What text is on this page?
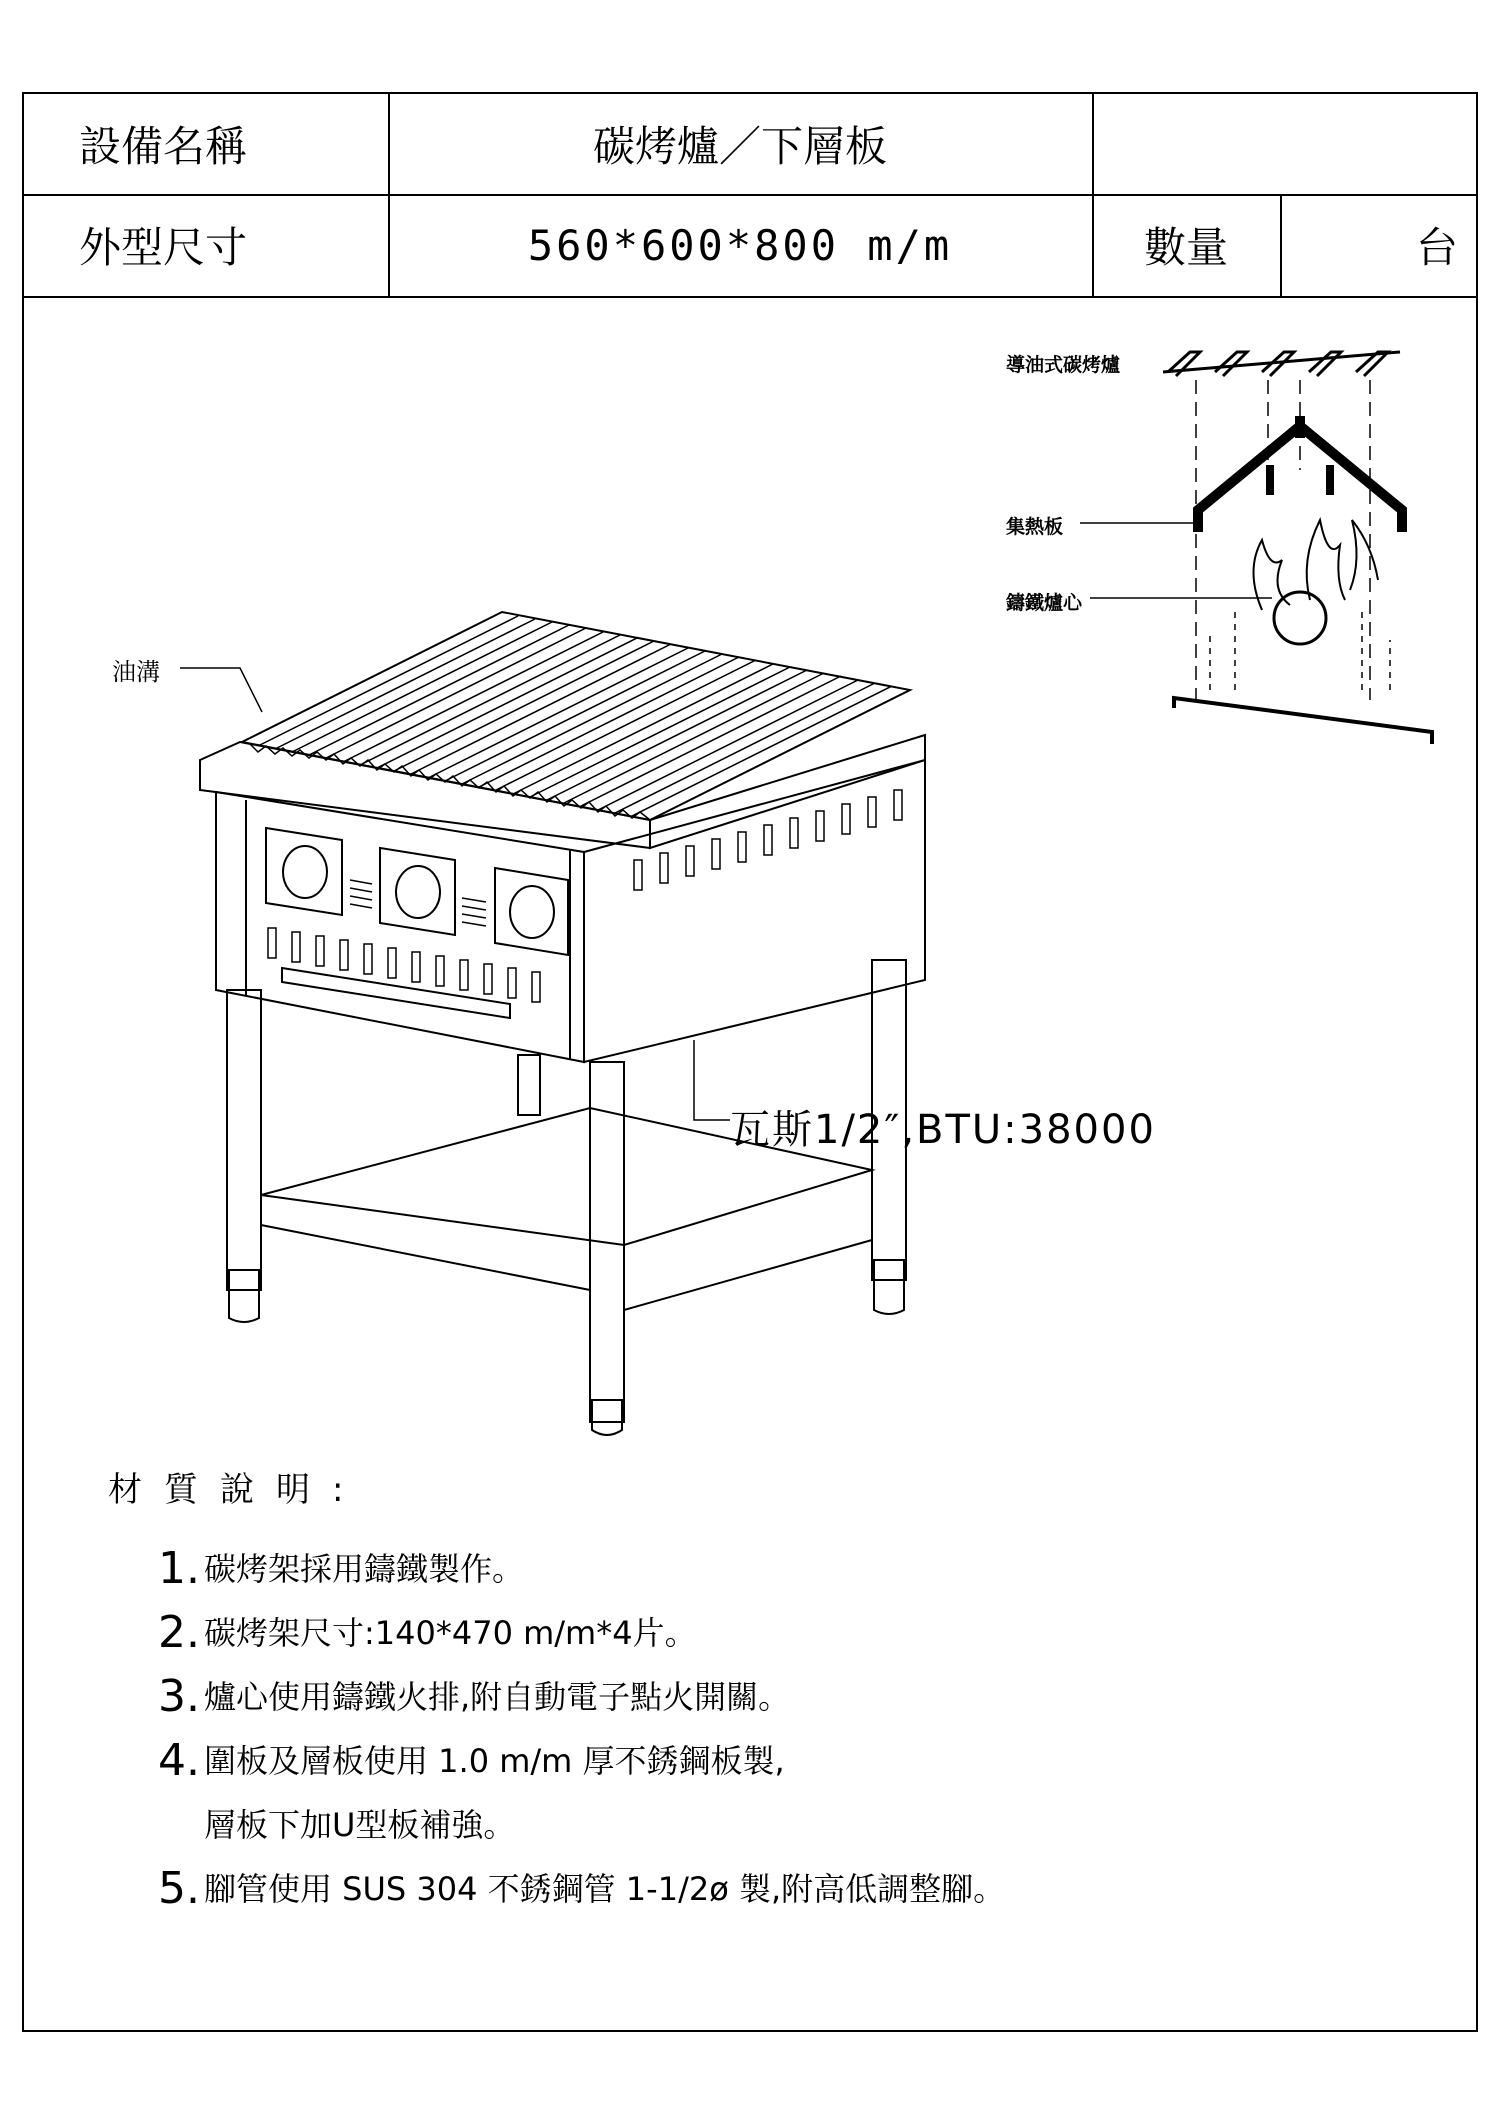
設備名稱	碳烤爐／下層板
外型尺寸	560*600*800 m/m	數量	台
油溝
瓦斯1/2″,BTU:38000
導油式碳烤爐
集熱板
鑄鐵爐心
材質說明:
1. 碳烤架採用鑄鐵製作。
2. 碳烤架尺寸:140*470 m/m*4片。
3. 爐心使用鑄鐵火排,附自動電子點火開關。
4. 圍板及層板使用 1.0 m/m 厚不銹鋼板製,
層板下加U型板補強。
5. 腳管使用 SUS 304 不銹鋼管 1-1/2ø 製,附高低調整腳。
